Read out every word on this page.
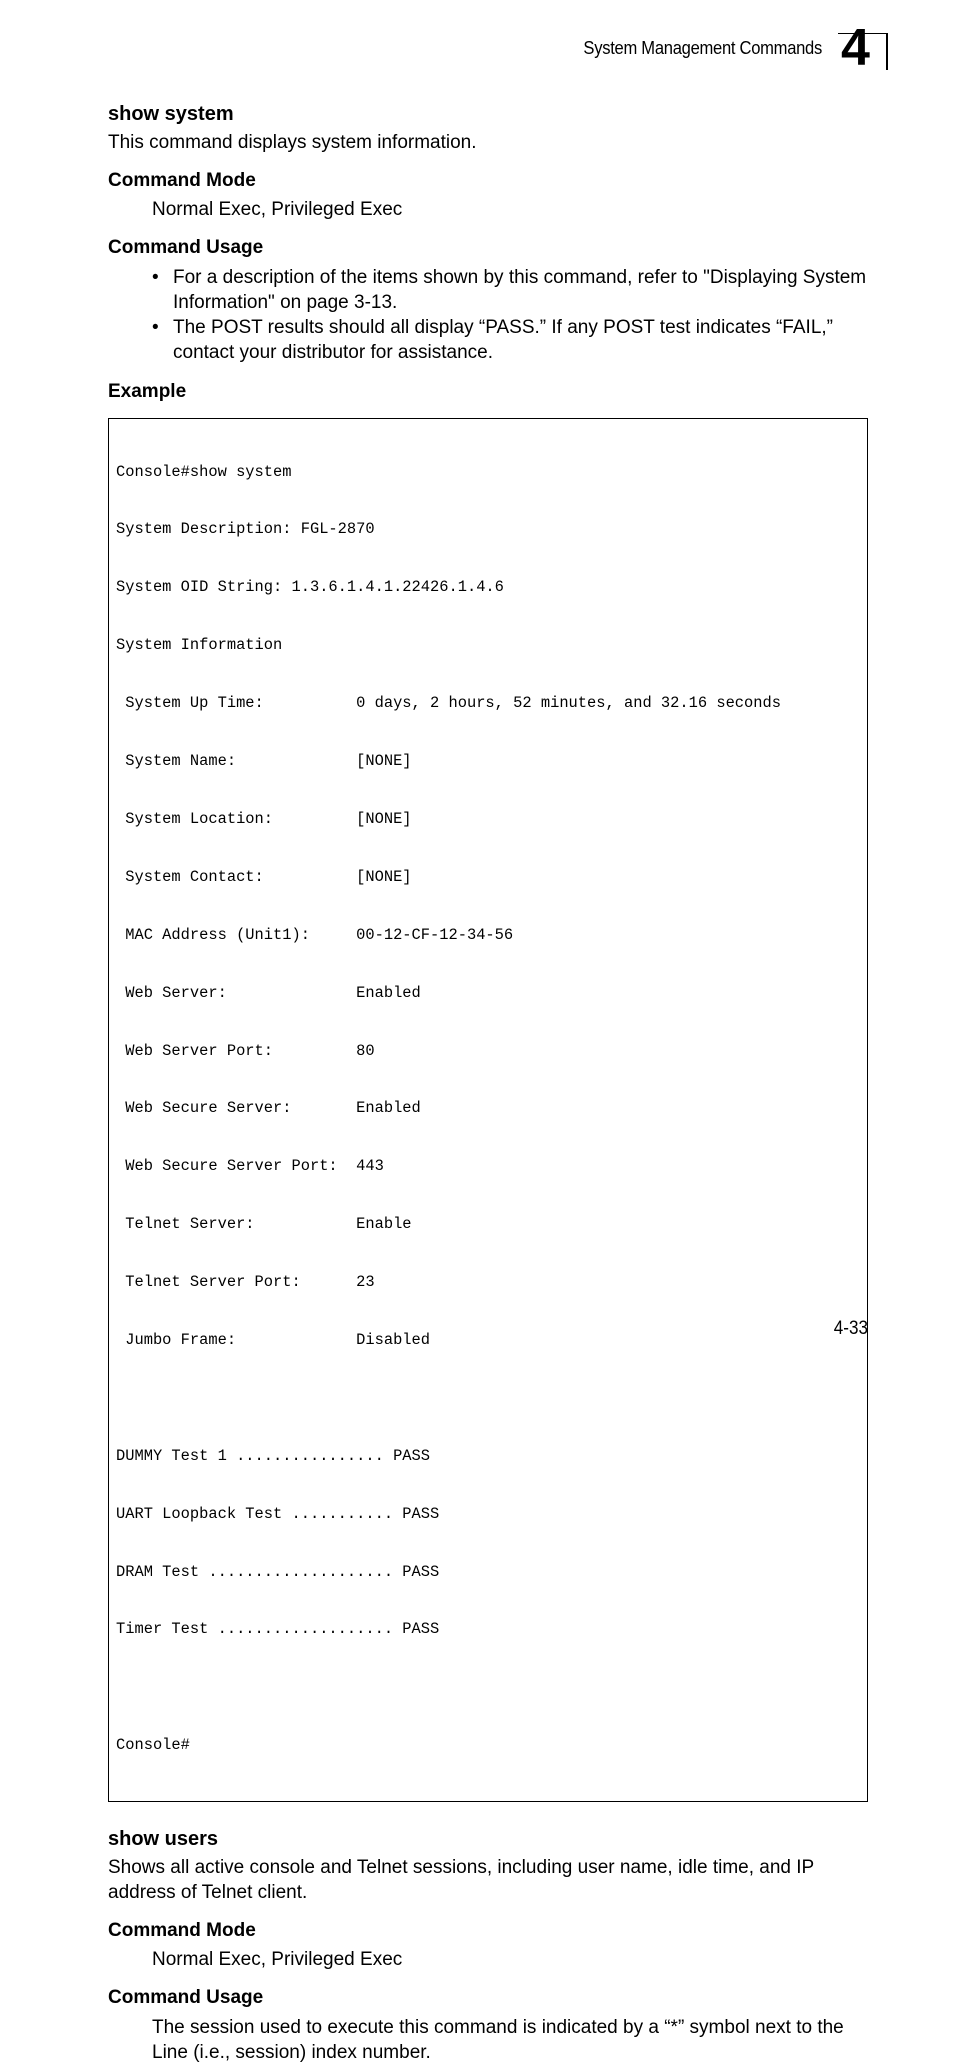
System Management Commands 4
show system

This command displays system information.

Command Mode

Normal Exec, Privileged Exec

Command Usage
• For a description of the items shown by this command, refer to "Displaying System Information" on page 3-13.
• The POST results should all display “PASS.” If any POST test indicates “FAIL,” contact your distributor for assistance.
Example

Console#show system

System Description: FGL-2870

System OID String: 1.3.6.1.4.1.22426.1.4.6

System Information

System Up Time:          0 days, 2 hours, 52 minutes, and 32.16 seconds

System Name:             [NONE]

System Location:         [NONE]

System Contact:          [NONE]

MAC Address (Unit1):     00-12-CF-12-34-56

Web Server:              Enabled

Web Server Port:         80

Web Secure Server:       Enabled

Web Secure Server Port:  443

Telnet Server:           Enable

Telnet Server Port:      23

Jumbo Frame:             Disabled

DUMMY Test 1 ................ PASS

UART Loopback Test ........... PASS

DRAM Test .................... PASS

Timer Test ................... PASS

Console#

show users

Shows all active console and Telnet sessions, including user name, idle time, and IP address of Telnet client.

Command Mode

Normal Exec, Privileged Exec

Command Usage

The session used to execute this command is indicated by a “*” symbol next to the Line (i.e., session) index number.

4-33
